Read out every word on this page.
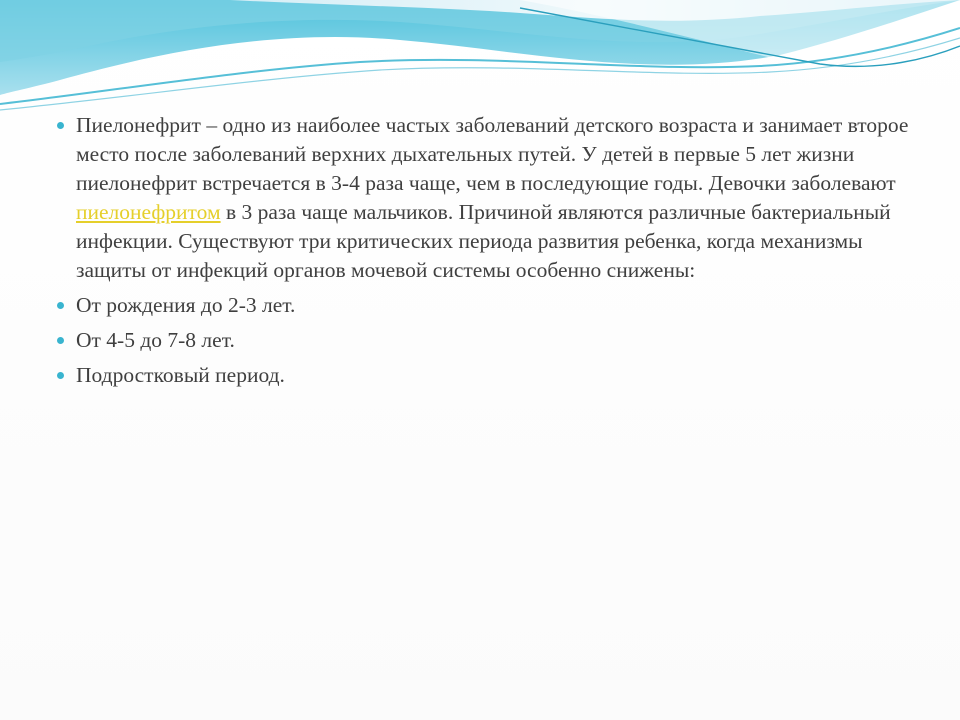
Пиелонефрит – одно из наиболее частых заболеваний детского возраста и занимает второе место после заболеваний верхних дыхательных путей. У детей в первые 5 лет жизни пиелонефрит встречается в 3-4 раза чаще, чем в последующие годы. Девочки заболевают пиелонефритом в 3 раза чаще мальчиков. Причиной являются различные бактериальный инфекции. Существуют три критических периода развития ребенка, когда механизмы защиты от инфекций органов мочевой системы особенно снижены:
От рождения до 2-3 лет.
От 4-5 до 7-8 лет.
Подростковый период.
